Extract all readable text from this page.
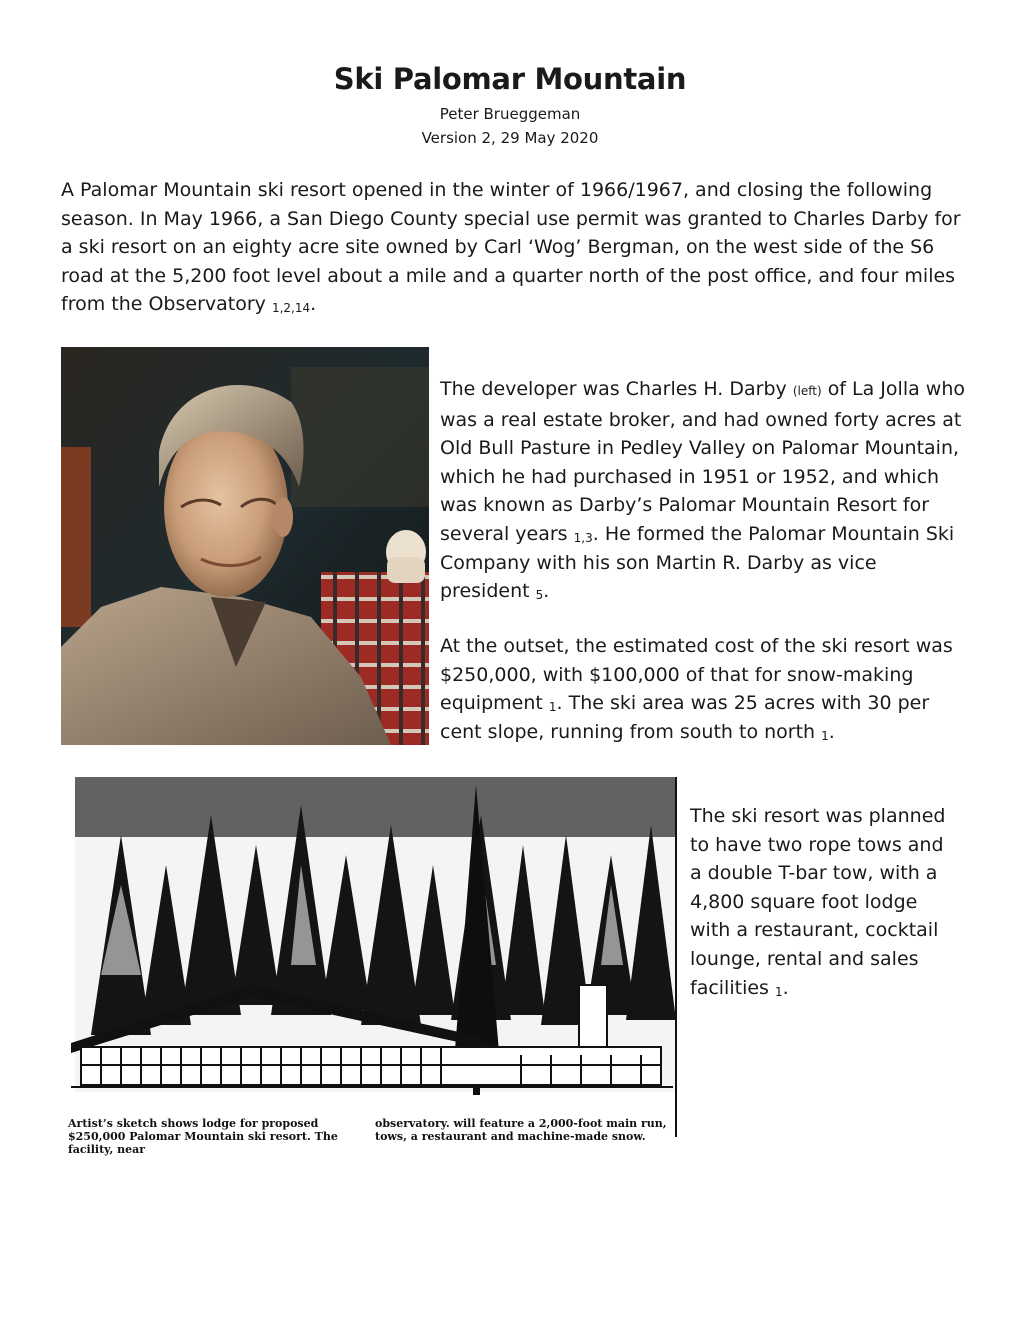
Ski Palomar Mountain
Peter Brueggeman
Version 2, 29 May 2020

A Palomar Mountain ski resort opened in the winter of 1966/1967, and closing the following season. In May 1966, a San Diego County special use permit was granted to Charles Darby for a ski resort on an eighty acre site owned by Carl ‘Wog’ Bergman, on the west side of the S6 road at the 5,200 foot level about a mile and a quarter north of the post office, and four miles from the Observatory $_{1,2,14}$.

The developer was Charles H. Darby (left) of La Jolla who was a real estate broker, and had owned forty acres at Old Bull Pasture in Pedley Valley on Palomar Mountain, which he had purchased in 1951 or 1952, and which was known as Darby’s Palomar Mountain Resort for several years $_{1,3}$. He formed the Palomar Mountain Ski Company with his son Martin R. Darby as vice president $_5$.

At the outset, the estimated cost of the ski resort was $250,000, with $100,000 of that for snow-making equipment $_1$. The ski area was 25 acres with 30 per cent slope, running from south to north $_1$.

Artist’s sketch shows lodge for proposed $250,000 Palomar Mountain ski resort. The facility, near
observatory. will feature a 2,000-foot main run, tows, a restaurant and machine-made snow.

The ski resort was planned to have two rope tows and a double T-bar tow, with a 4,800 square foot lodge with a restaurant, cocktail lounge, rental and sales facilities $_1$.
